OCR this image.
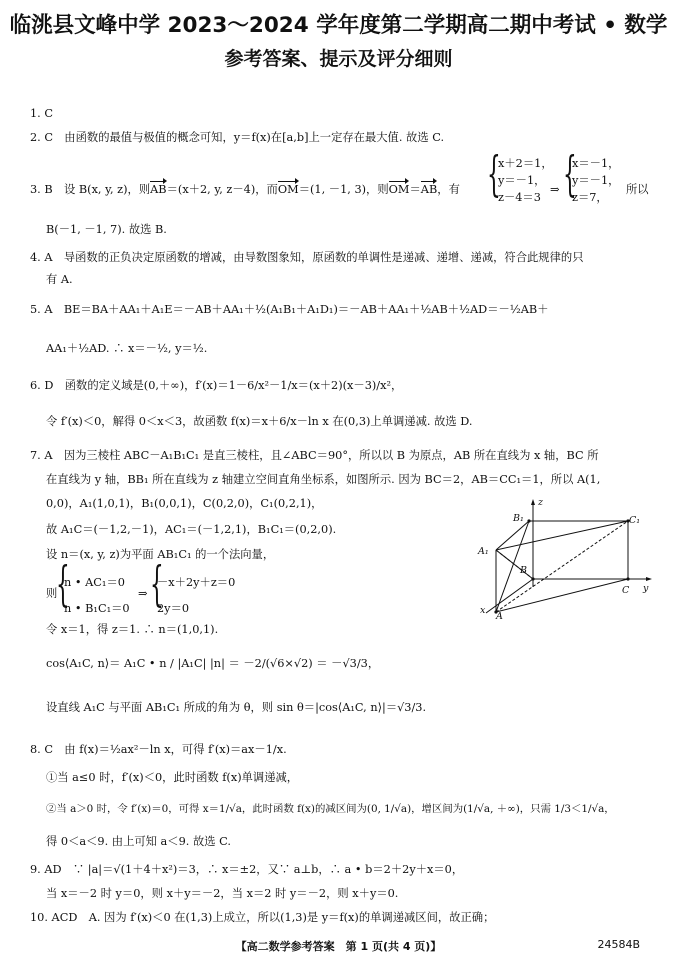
临洮县文峰中学 2023～2024 学年度第二学期高二期中考试 • 数学
参考答案、提示及评分细则
1. C
2. C　由函数的最值与极值的概念可知，y＝f(x)在[a,b]上一定存在最大值. 故选 C.
3. B　设 B(x, y, z)，则AB＝(x＋2, y, z－4)，而OM＝(1, －1, 3)，则OM＝AB，有 {
x＋2＝1，
y＝－1，
z－4＝3
⇒ {
x＝－1，
y＝－1，
z＝7，
所以
B(－1, －1, 7). 故选 B.
4. A　导函数的正负决定原函数的增减，由导数图象知，原函数的单调性是递减、递增、递减，符合此规律的只
有 A.
5. A　BE＝BA＋AA₁＋A₁E＝－AB＋AA₁＋½(A₁B₁＋A₁D₁)＝－AB＋AA₁＋½AB＋½AD＝－½AB＋
AA₁＋½AD. ∴ x＝－½, y＝½.
6. D　函数的定义域是(0,＋∞)，f′(x)＝1－6/x²－1/x＝(x＋2)(x－3)/x²，
令 f′(x)＜0，解得 0＜x＜3，故函数 f(x)＝x＋6/x－ln x 在(0,3)上单调递减. 故选 D.
7. A　因为三棱柱 ABC－A₁B₁C₁ 是直三棱柱，且∠ABC＝90°，所以以 B 为原点，AB 所在直线为 x 轴，BC 所
在直线为 y 轴，BB₁ 所在直线为 z 轴建立空间直角坐标系，如图所示. 因为 BC＝2，AB＝CC₁＝1，所以 A(1,
0,0)，A₁(1,0,1)，B₁(0,0,1)，C(0,2,0)，C₁(0,2,1)，
故 A₁C＝(－1,2,－1)，AC₁＝(－1,2,1)，B₁C₁＝(0,2,0).
设 n＝(x, y, z)为平面 AB₁C₁ 的一个法向量，
则
{
n • AC₁＝0
n • B₁C₁＝0
⇒ {
－x＋2y＋z＝0
2y＝0
令 x＝1，得 z＝1. ∴ n＝(1,0,1).
cos⟨A₁C, n⟩＝ A₁C • n / |A₁C| |n| ＝ －2/(√6×√2) ＝ －√3/3，
设直线 A₁C 与平面 AB₁C₁ 所成的角为 θ，则 sin θ＝|cos⟨A₁C, n⟩|＝√3/3.
z
B₁	C₁
A₁
B
C y
x
A
8. C　由 f(x)＝½ax²－ln x，可得 f′(x)＝ax－1/x.
①当 a≤0 时，f′(x)＜0，此时函数 f(x)单调递减，
②当 a＞0 时，令 f′(x)＝0，可得 x＝1/√a，此时函数 f(x)的减区间为(0, 1/√a)，增区间为(1/√a, ＋∞)，只需 1/3＜1/√a，
得 0＜a＜9. 由上可知 a＜9. 故选 C.
9. AD　∵ |a|＝√(1＋4＋x²)＝3，∴ x＝±2，又∵ a⊥b，∴ a • b＝2＋2y＋x＝0，
当 x＝－2 时 y＝0，则 x＋y＝－2，当 x＝2 时 y＝－2，则 x＋y＝0.
10. ACD　A. 因为 f′(x)＜0 在(1,3)上成立，所以(1,3)是 y＝f(x)的单调递减区间，故正确；
【高二数学参考答案　第 1 页(共 4 页)】	24584B
